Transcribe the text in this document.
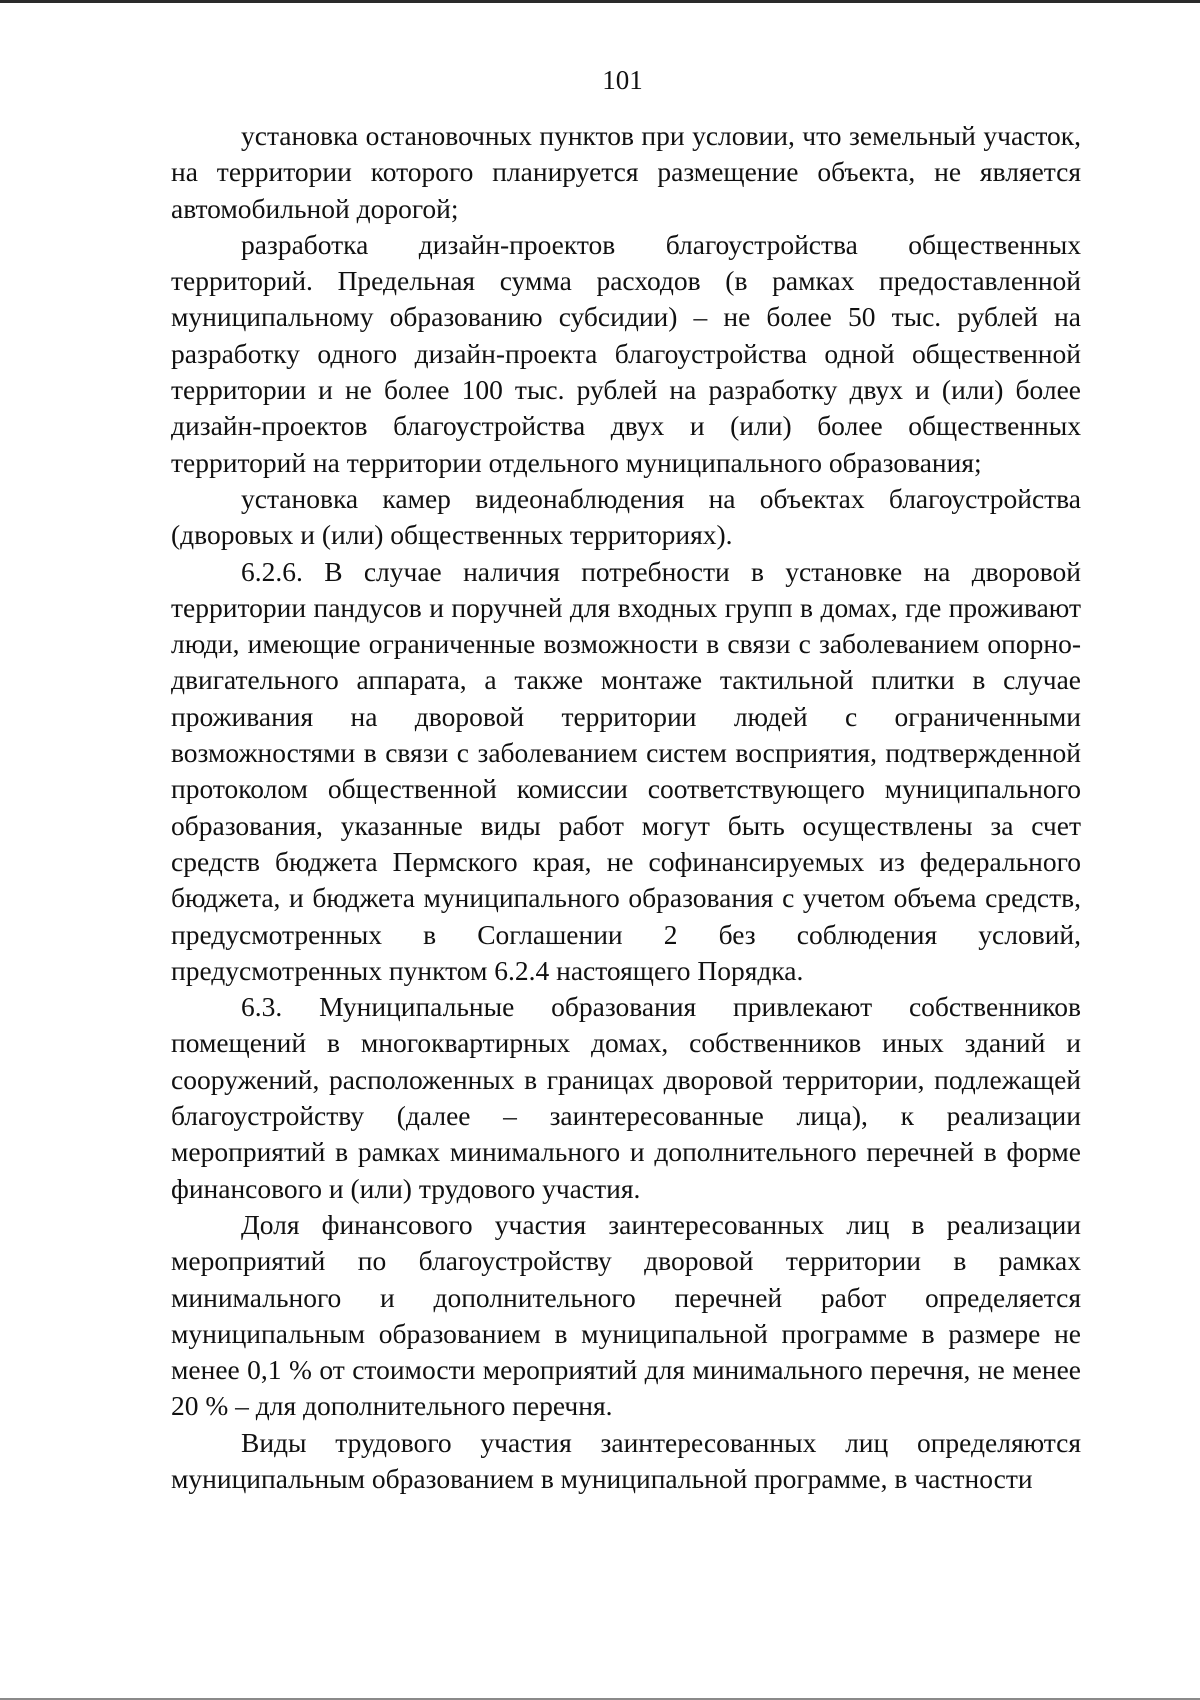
101

установка остановочных пунктов при условии, что земельный участок, на территории которого планируется размещение объекта, не является автомобильной дорогой;

разработка дизайн-проектов благоустройства общественных территорий. Предельная сумма расходов (в рамках предоставленной муниципальному образованию субсидии) – не более 50 тыс. рублей на разработку одного дизайн-проекта благоустройства одной общественной территории и не более 100 тыс. рублей на разработку двух и (или) более дизайн-проектов благоустройства двух и (или) более общественных территорий на территории отдельного муниципального образования;

установка камер видеонаблюдения на объектах благоустройства (дворовых и (или) общественных территориях).

6.2.6. В случае наличия потребности в установке на дворовой территории пандусов и поручней для входных групп в домах, где проживают люди, имеющие ограниченные возможности в связи с заболеванием опорно-двигательного аппарата, а также монтаже тактильной плитки в случае проживания на дворовой территории людей с ограниченными возможностями в связи с заболеванием систем восприятия, подтвержденной протоколом общественной комиссии соответствующего муниципального образования, указанные виды работ могут быть осуществлены за счет средств бюджета Пермского края, не софинансируемых из федерального бюджета, и бюджета муниципального образования с учетом объема средств, предусмотренных в Соглашении 2 без соблюдения условий, предусмотренных пунктом 6.2.4 настоящего Порядка.

6.3. Муниципальные образования привлекают собственников помещений в многоквартирных домах, собственников иных зданий и сооружений, расположенных в границах дворовой территории, подлежащей благоустройству (далее – заинтересованные лица), к реализации мероприятий в рамках минимального и дополнительного перечней в форме финансового и (или) трудового участия.

Доля финансового участия заинтересованных лиц в реализации мероприятий по благоустройству дворовой территории в рамках минимального и дополнительного перечней работ определяется муниципальным образованием в муниципальной программе в размере не менее 0,1 % от стоимости мероприятий для минимального перечня, не менее 20 % – для дополнительного перечня.

Виды трудового участия заинтересованных лиц определяются муниципальным образованием в муниципальной программе, в частности
